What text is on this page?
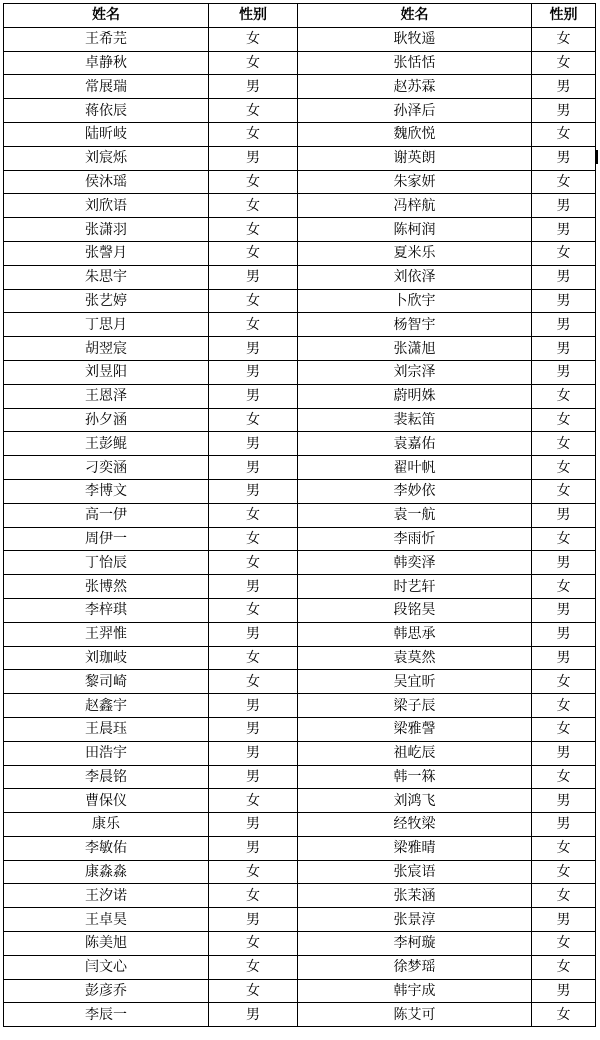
姓名	性别	姓名	性别
王希芫	女	耿牧遥	女
卓静秋	女	张恬恬	女
常展瑞	男	赵苏霖	男
蒋依辰	女	孙泽后	男
陆昕岐	女	魏欣悦	女
刘宸烁	男	谢英朗	男
侯沐瑶	女	朱家妍	女
刘欣语	女	冯梓航	男
张潇羽	女	陈柯润	男
张謦月	女	夏米乐	女
朱思宇	男	刘依泽	男
张艺婷	女	卜欣宇	男
丁思月	女	杨智宇	男
胡翌宸	男	张潇旭	男
刘昱阳	男	刘宗泽	男
王恩泽	男	蔚明姝	女
孙夕涵	女	裴耘笛	女
王彭鲲	男	袁嘉佑	女
刁奕涵	男	翟叶帆	女
李博文	男	李妙依	女
高一伊	女	袁一航	男
周伊一	女	李雨忻	女
丁怡辰	女	韩奕泽	男
张博然	男	时艺轩	女
李梓琪	女	段铭昊	男
王羿惟	男	韩思承	男
刘珈岐	女	袁莫然	男
黎司崎	女	吴宜昕	女
赵鑫宇	男	梁子辰	女
王晨珏	男	梁雅謦	女
田浩宇	男	祖屹辰	男
李晨铭	男	韩一箖	女
曹保仪	女	刘鸿飞	男
康乐	男	经牧梁	男
李敏佑	男	梁雅晴	女
康淼淼	女	张宸语	女
王汐诺	女	张茉涵	女
王卓昊	男	张景淳	男
陈美旭	女	李柯璇	女
闫文心	女	徐梦瑶	女
彭彦乔	女	韩宇成	男
李辰一	男	陈艾可	女
